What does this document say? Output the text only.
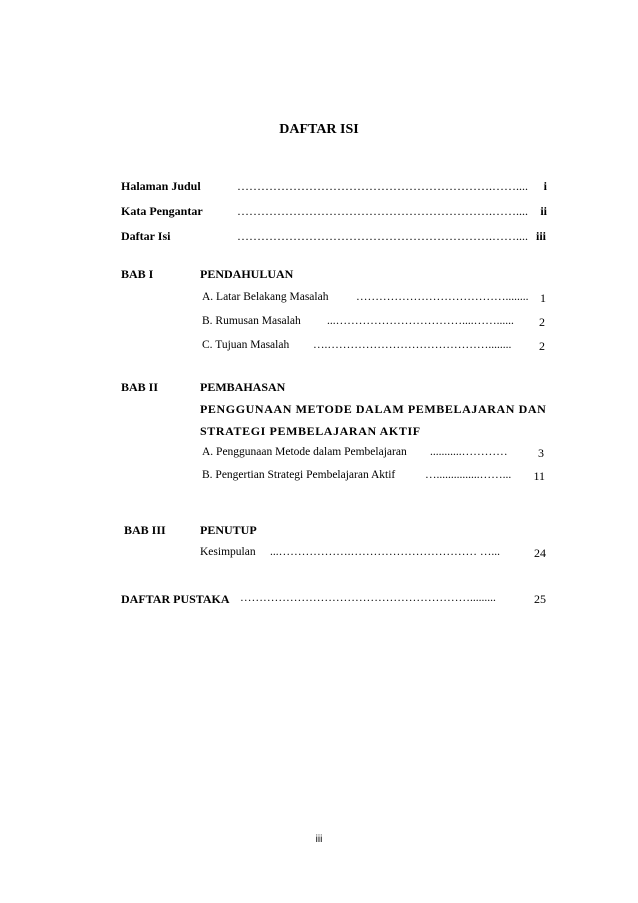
DAFTAR ISI
Halaman Judul	……………………………………………………….……....	i
Kata Pengantar	……………………………………………………….……....	ii
Daftar Isi	……………………………………………………….…….... iii
BAB I	PENDAHULUAN
A. Latar Belakang Masalah …………………………………........ 1
B. Rumusan Masalah ...……………………………....……......	2
C. Tujuan Masalah ….……………………………………........	2
BAB II	PEMBAHASAN
PENGGUNAAN METODE DALAM PEMBELAJARAN DAN
STRATEGI PEMBELAJARAN AKTIF
A. Penggunaan Metode dalam Pembelajaran ...........…………	3
B. Pengertian Strategi Pembelajaran Aktif	…...............……...	11
BAB III	PENUTUP
Kesimpulan ...……………….…………………………… …...	24
DAFTAR PUSTAKA …………………………………………………….........	25
iii
